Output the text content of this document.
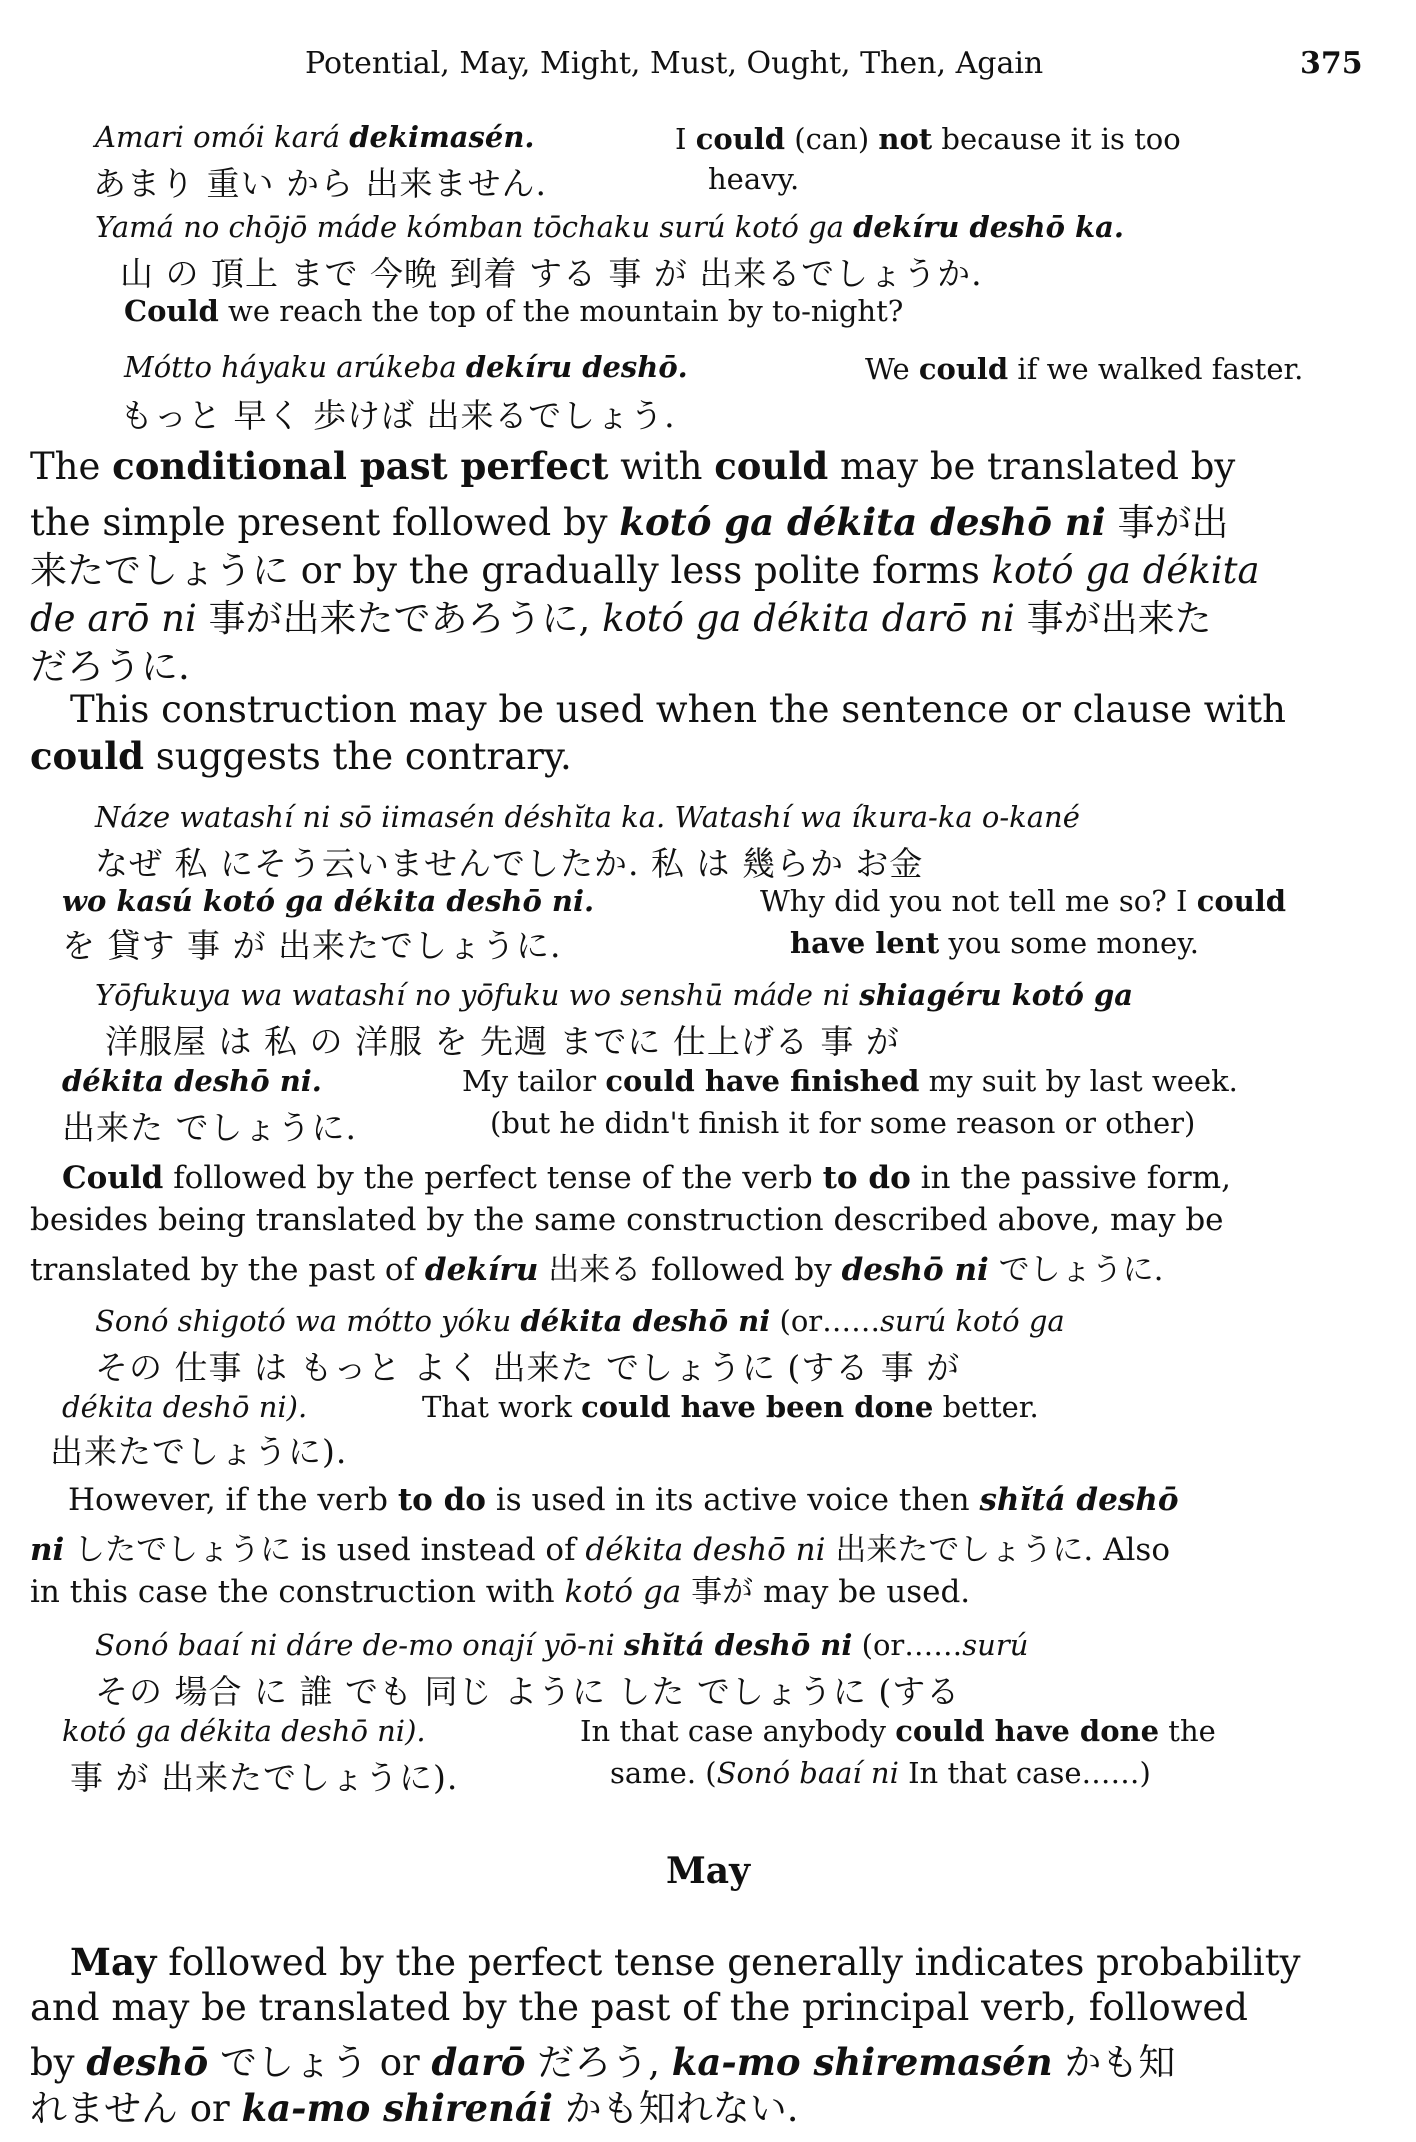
Potential, May, Might, Must, Ought, Then, Again	375
Amari omói kará dekimasén.	I could (can) not because it is too
あまり 重い から 出来ません.	heavy.
Yamá no chōjō máde kómban tōchaku surú kotó ga dekíru deshō ka.
山 の 頂上 まで 今晩 到着 する 事 が 出来るでしょうか.
Could we reach the top of the mountain by to-night?
Mótto háyaku arúkeba dekíru deshō.	We could if we walked faster.
もっと 早く 歩けば 出来るでしょう.
The conditional past perfect with could may be translated by
the simple present followed by kotó ga dékita deshō ni 事が出
来たでしょうに or by the gradually less polite forms kotó ga dékita
de arō ni 事が出来たであろうに, kotó ga dékita darō ni 事が出来た
だろうに.
This construction may be used when the sentence or clause with
could suggests the contrary.
Náze watashí ni sō iimasén déshĭta ka. Watashí wa íkura-ka o-kané
なぜ 私 にそう云いませんでしたか. 私 は 幾らか お金
wo kasú kotó ga dékita deshō ni.	Why did you not tell me so? I could
を 貸す 事 が 出来たでしょうに.	have lent you some money.
Yōfukuya wa watashí no yōfuku wo senshū máde ni shiagéru kotó ga
洋服屋 は 私 の 洋服 を 先週 までに 仕上げる 事 が
dékita deshō ni.	My tailor could have finished my suit by last week.
出来た でしょうに.	(but he didn't finish it for some reason or other)
Could followed by the perfect tense of the verb to do in the passive form,
besides being translated by the same construction described above, may be
translated by the past of dekíru 出来る followed by deshō ni でしょうに.
Sonó shigotó wa mótto yóku dékita deshō ni (or……surú kotó ga
その 仕事 は もっと よく 出来た でしょうに (する 事 が
dékita deshō ni).	That work could have been done better.
出来たでしょうに).
However, if the verb to do is used in its active voice then shĭtá deshō
ni したでしょうに is used instead of dékita deshō ni 出来たでしょうに. Also
in this case the construction with kotó ga 事が may be used.
Sonó baaí ni dáre de-mo onají yō-ni shĭtá deshō ni (or……surú
その 場合 に 誰 でも 同じ ように した でしょうに (する
kotó ga dékita deshō ni).	In that case anybody could have done the
事 が 出来たでしょうに).	same. (Sonó baaí ni In that case……)
May
May followed by the perfect tense generally indicates probability
and may be translated by the past of the principal verb, followed
by deshō でしょう or darō だろう, ka-mo shiremasén かも知
れません or ka-mo shirenái かも知れない.
